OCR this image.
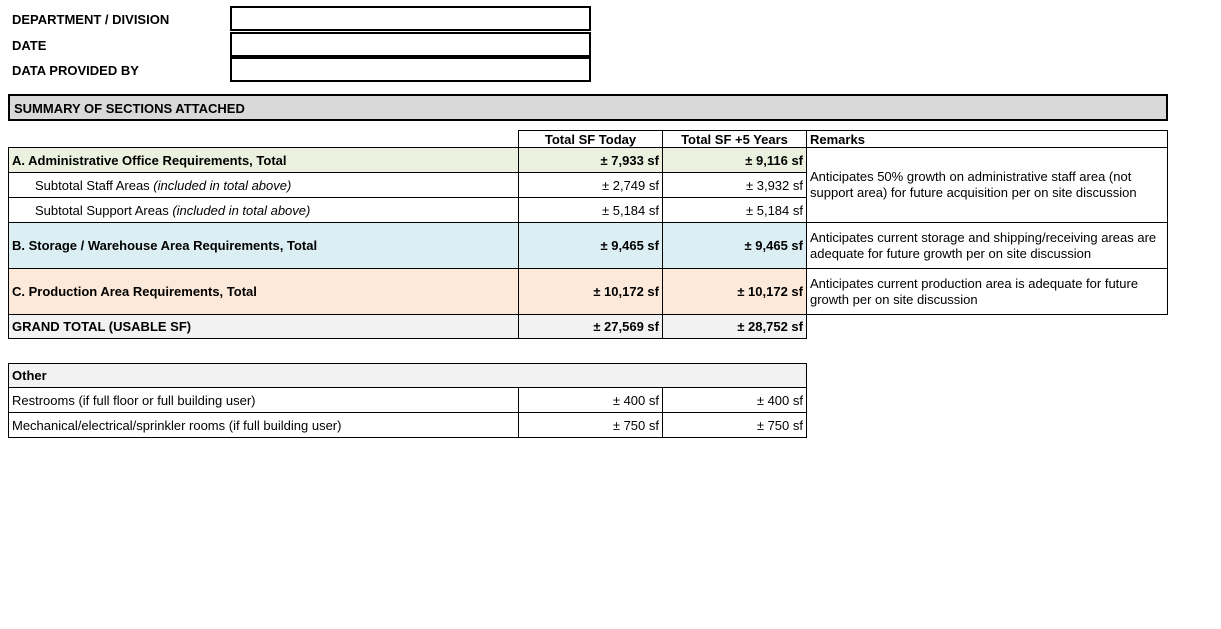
DEPARTMENT / DIVISION
DATE
DATA PROVIDED BY
SUMMARY OF SECTIONS ATTACHED
	Total SF Today	Total SF +5 Years	Remarks
A. Administrative Office Requirements, Total	± 7,933 sf	± 9,116 sf	Anticipates 50% growth on administrative staff area (not support area) for future acquisition per on site discussion
Subtotal Staff Areas (included in total above)	± 2,749 sf	± 3,932 sf	
Subtotal Support Areas (included in total above)	± 5,184 sf	± 5,184 sf	
B. Storage / Warehouse Area Requirements, Total	± 9,465 sf	± 9,465 sf	Anticipates current storage and shipping/receiving areas are adequate for future growth per on site discussion
C. Production Area Requirements, Total	± 10,172 sf	± 10,172 sf	Anticipates current production area is adequate for future growth per on site discussion
GRAND TOTAL (USABLE SF)	± 27,569 sf	± 28,752 sf	
Other		
Restrooms (if full floor or full building user)	± 400 sf	± 400 sf
Mechanical/electrical/sprinkler rooms (if full building user)	± 750 sf	± 750 sf
